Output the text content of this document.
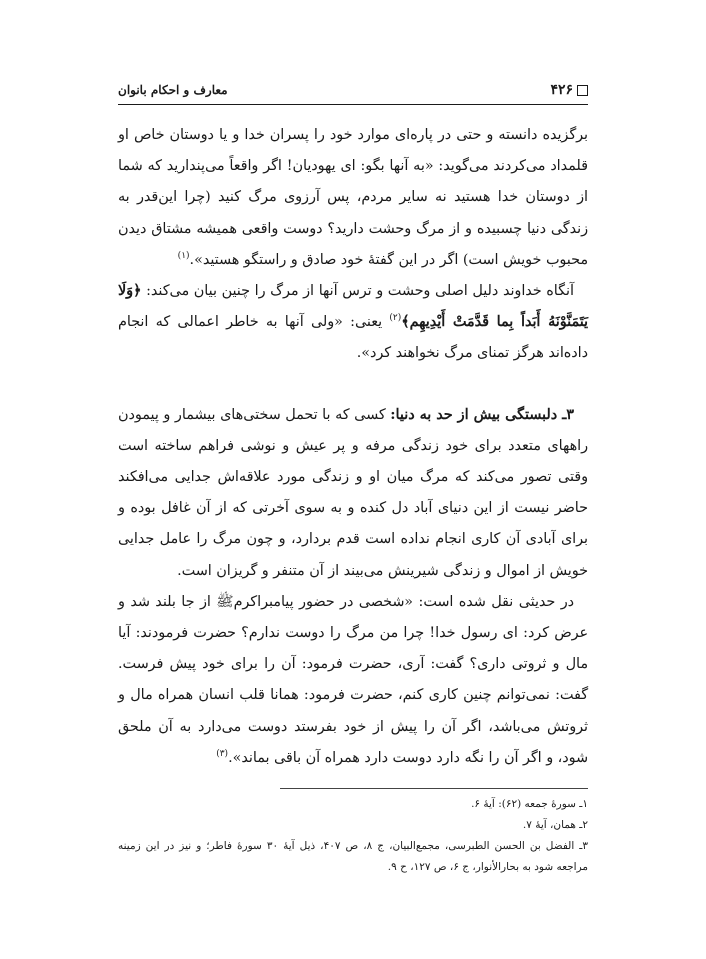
۴۲۶
معارف و احکام بانوان

برگزیده دانسته و حتی در پاره‌ای موارد خود را پسران خدا و یا دوستان خاص او قلمداد می‌کردند می‌گوید: «به آنها بگو: ای یهودیان! اگر واقعاً می‌پندارید که شما از دوستان خدا هستید نه سایر مردم، پس آرزوی مرگ کنید (چرا این‌قدر به زندگی دنیا چسبیده و از مرگ وحشت دارید؟ دوست واقعی همیشه مشتاق دیدن محبوب خویش است) اگر در این گفتهٔ خود صادق و راستگو هستید».$^{(۱)}$

آنگاه خداوند دلیل اصلی وحشت و ترس آنها از مرگ را چنین بیان می‌کند: ﴿وَلَا یَتَمَنَّوْنَهُ أَبَداً بِما قَدَّمَتْ أَیْدِیهِم﴾$^{(۲)}$ یعنی: «ولی آنها به خاطر اعمالی که انجام داده‌اند هرگز تمنای مرگ نخواهند کرد».

۳ـ دلبستگی بیش از حد به دنیا: کسی که با تحمل سختی‌های بیشمار و پیمودن راههای متعدد برای خود زندگی مرفه و پر عیش و نوشی فراهم ساخته است وقتی تصور می‌کند که مرگ میان او و زندگی مورد علاقه‌اش جدایی می‌افکند حاضر نیست از این دنیای آباد دل کنده و به سوی آخرتی که از آن غافل بوده و برای آبادی آن کاری انجام نداده است قدم بردارد، و چون مرگ را عامل جدایی خویش از اموال و زندگی شیرینش می‌بیند از آن متنفر و گریزان است.

در حدیثی نقل شده است: «شخصی در حضور پیامبراکرمﷺ از جا بلند شد و عرض کرد: ای رسول خدا! چرا من مرگ را دوست ندارم؟ حضرت فرمودند: آیا مال و ثروتی داری؟ گفت: آری، حضرت فرمود: آن را برای خود پیش فرست. گفت: نمی‌توانم چنین کاری کنم، حضرت فرمود: همانا قلب انسان همراه مال و ثروتش می‌باشد، اگر آن را پیش از خود بفرستد دوست می‌دارد به آن ملحق شود، و اگر آن را نگه دارد دوست دارد همراه آن باقی بماند».$^{(۳)}$

۱ـ سورهٔ جمعه (۶۲): آیهٔ ۶.

۲ـ همان، آیهٔ ۷.

۳ـ الفضل بن الحسن الطبرسی، مجمع‌البیان، ج ۸، ص ۴۰۷، ذیل آیهٔ ۳۰ سورهٔ فاطر؛ و نیز در این زمینه مراجعه شود به بحارالأنوار، ج ۶، ص ۱۲۷، ح ۹.
